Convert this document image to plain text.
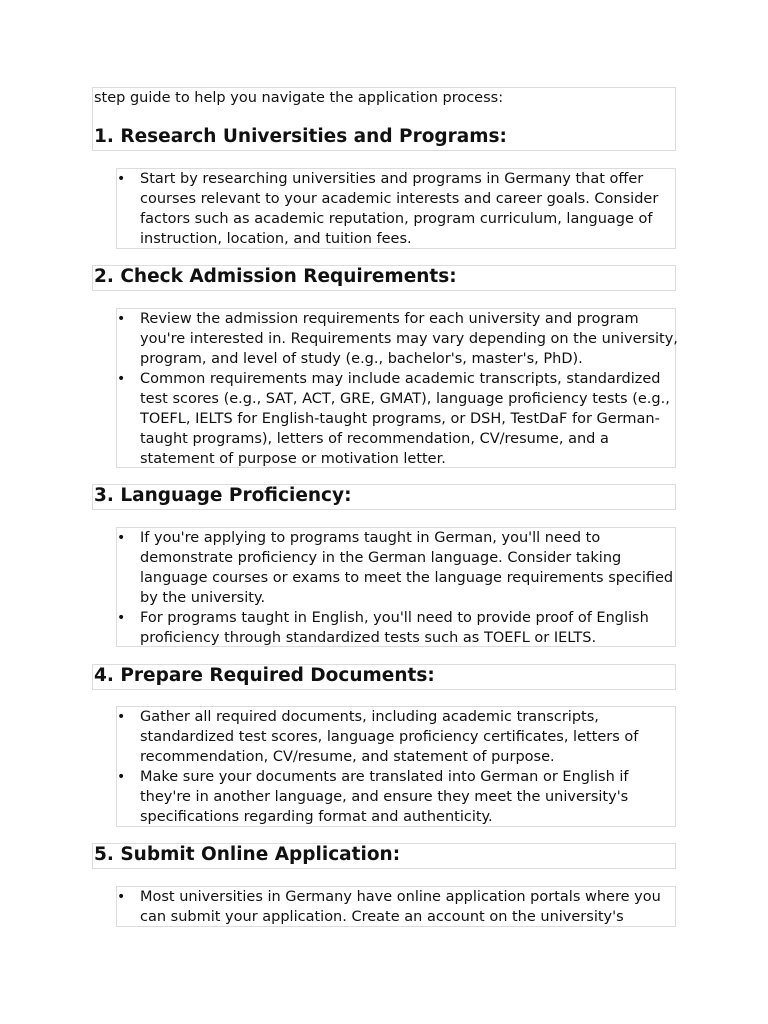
step guide to help you navigate the application process:
1. Research Universities and Programs:
• Start by researching universities and programs in Germany that offer
courses relevant to your academic interests and career goals. Consider
factors such as academic reputation, program curriculum, language of
instruction, location, and tuition fees.
2. Check Admission Requirements:
• Review the admission requirements for each university and program
you're interested in. Requirements may vary depending on the university,
program, and level of study (e.g., bachelor's, master's, PhD).
• Common requirements may include academic transcripts, standardized
test scores (e.g., SAT, ACT, GRE, GMAT), language proficiency tests (e.g.,
TOEFL, IELTS for English-taught programs, or DSH, TestDaF for German-
taught programs), letters of recommendation, CV/resume, and a
statement of purpose or motivation letter.
3. Language Proficiency:
• If you're applying to programs taught in German, you'll need to
demonstrate proficiency in the German language. Consider taking
language courses or exams to meet the language requirements specified
by the university.
• For programs taught in English, you'll need to provide proof of English
proficiency through standardized tests such as TOEFL or IELTS.
4. Prepare Required Documents:
• Gather all required documents, including academic transcripts,
standardized test scores, language proficiency certificates, letters of
recommendation, CV/resume, and statement of purpose.
• Make sure your documents are translated into German or English if
they're in another language, and ensure they meet the university's
specifications regarding format and authenticity.
5. Submit Online Application:
• Most universities in Germany have online application portals where you
can submit your application. Create an account on the university's
